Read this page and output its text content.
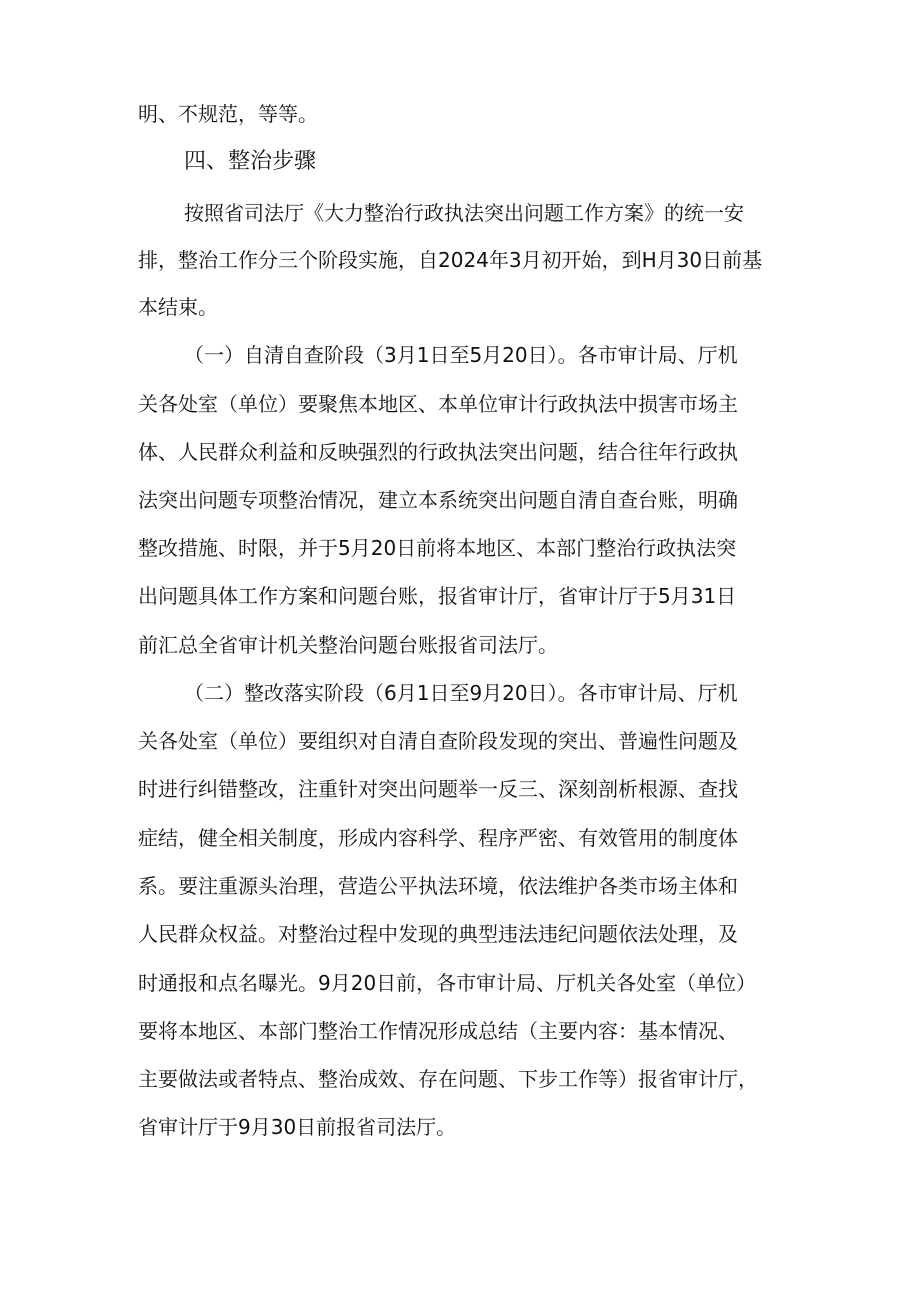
明、不规范，等等。
四、整治步骤
按照省司法厅《大力整治行政执法突出问题工作方案》的统一安
排，整治工作分三个阶段实施，自2024年3月初开始，到H月30日前基
本结束。
（一）自清自查阶段（3月1日至5月20日）。各市审计局、厅机
关各处室（单位）要聚焦本地区、本单位审计行政执法中损害市场主
体、人民群众利益和反映强烈的行政执法突出问题，结合往年行政执
法突出问题专项整治情况，建立本系统突出问题自清自查台账，明确
整改措施、时限，并于5月20日前将本地区、本部门整治行政执法突
出问题具体工作方案和问题台账，报省审计厅，省审计厅于5月31日
前汇总全省审计机关整治问题台账报省司法厅。
（二）整改落实阶段（6月1日至9月20日）。各市审计局、厅机
关各处室（单位）要组织对自清自查阶段发现的突出、普遍性问题及
时进行纠错整改，注重针对突出问题举一反三、深刻剖析根源、查找
症结，健全相关制度，形成内容科学、程序严密、有效管用的制度体
系。要注重源头治理，营造公平执法环境，依法维护各类市场主体和
人民群众权益。对整治过程中发现的典型违法违纪问题依法处理，及
时通报和点名曝光。9月20日前，各市审计局、厅机关各处室（单位）
要将本地区、本部门整治工作情况形成总结（主要内容：基本情况、
主要做法或者特点、整治成效、存在问题、下步工作等）报省审计厅，
省审计厅于9月30日前报省司法厅。
